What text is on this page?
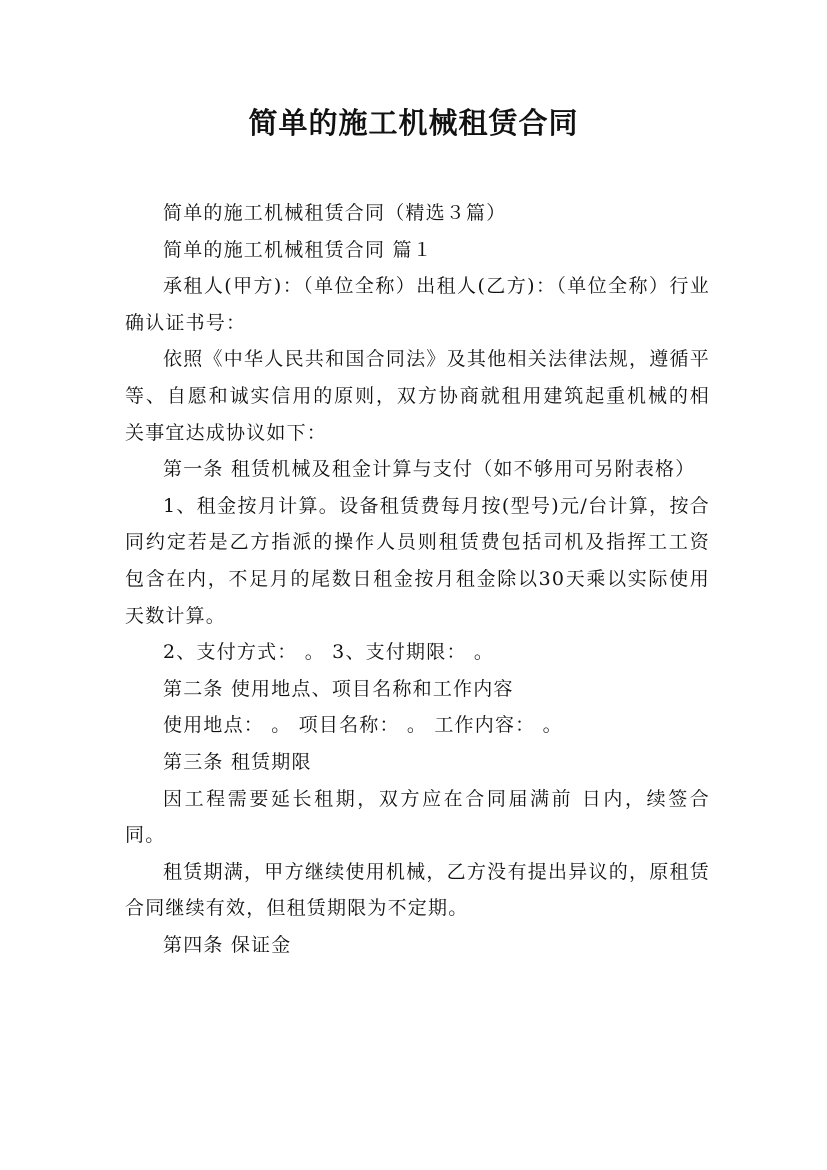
简单的施工机械租赁合同

简单的施工机械租赁合同（精选３篇）

简单的施工机械租赁合同 篇１

承租人(甲方)：（单位全称）出租人(乙方)：（单位全称）行业确认证书号：

依照《中华人民共和国合同法》及其他相关法律法规，遵循平等、自愿和诚实信用的原则，双方协商就租用建筑起重机械的相关事宜达成协议如下：

第一条 租赁机械及租金计算与支付（如不够用可另附表格）

1、租金按月计算。设备租赁费每月按(型号)元/台计算，按合同约定若是乙方指派的操作人员则租赁费包括司机及指挥工工资包含在内，不足月的尾数日租金按月租金除以30天乘以实际使用天数计算。

2、支付方式： 。 3、支付期限： 。

第二条 使用地点、项目名称和工作内容

使用地点： 。 项目名称： 。 工作内容： 。

第三条 租赁期限

因工程需要延长租期，双方应在合同届满前 日内，续签合同。

租赁期满，甲方继续使用机械，乙方没有提出异议的，原租赁合同继续有效，但租赁期限为不定期。

第四条 保证金
